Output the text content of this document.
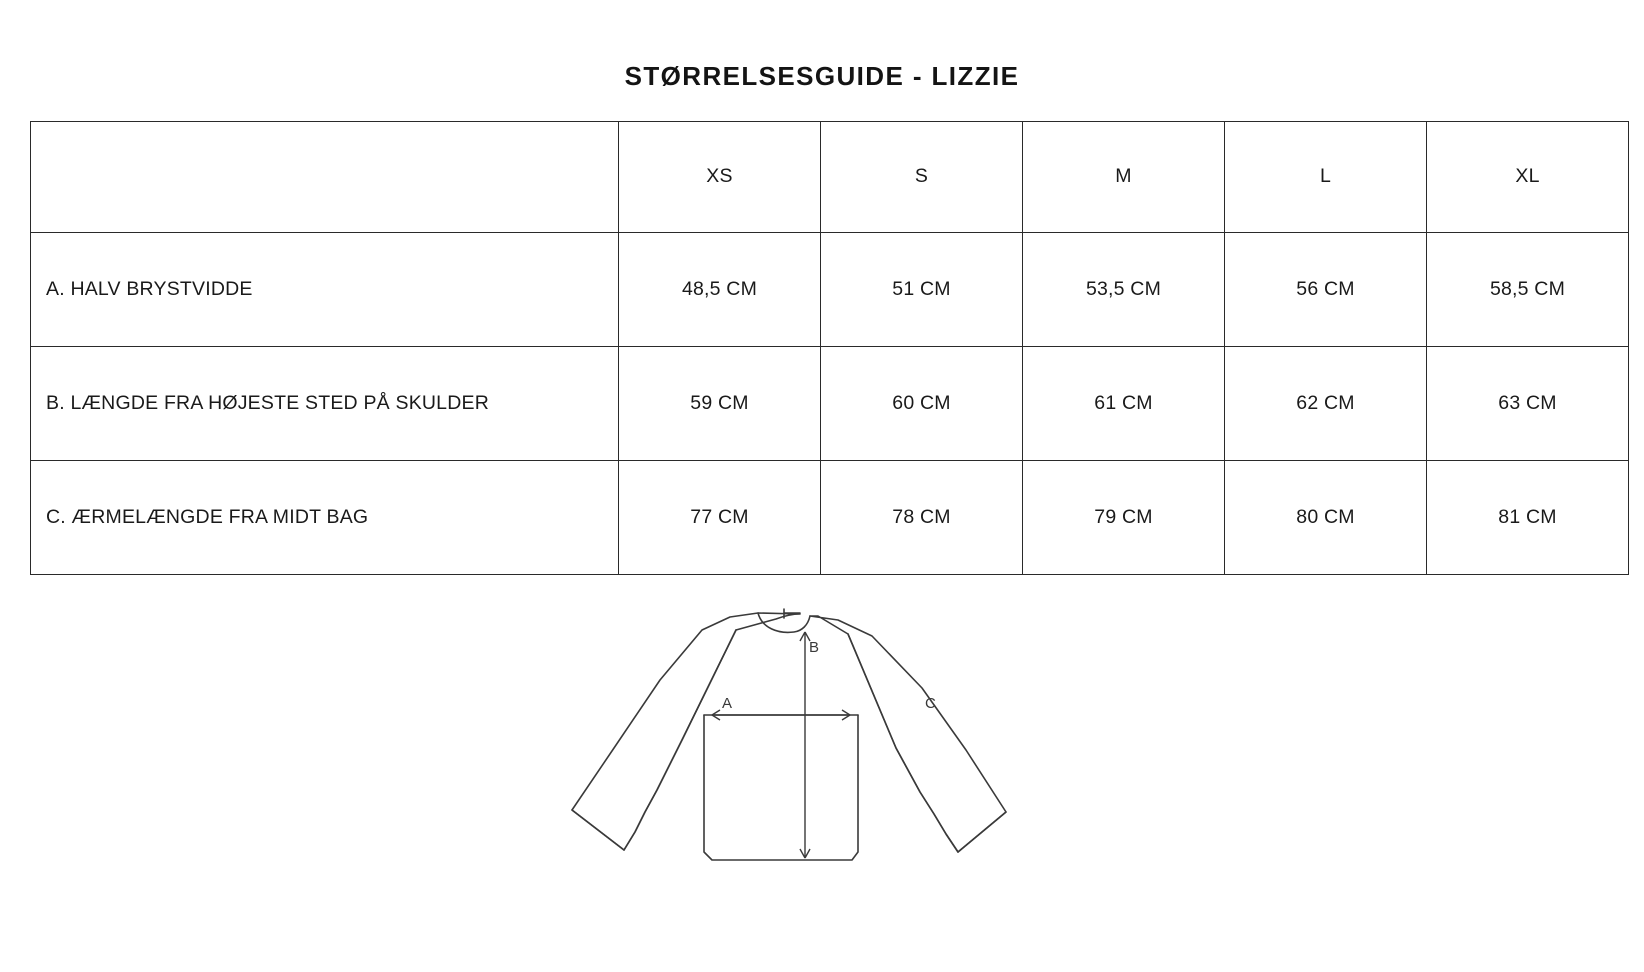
STØRRELSESGUIDE - LIZZIE
	XS	S	M	L	XL
A. HALV BRYSTVIDDE	48,5 CM	51 CM	53,5 CM	56 CM	58,5 CM
B. LÆNGDE FRA HØJESTE STED PÅ SKULDER	59 CM	60 CM	61 CM	62 CM	63 CM
C. ÆRMELÆNGDE FRA MIDT BAG	77 CM	78 CM	79 CM	80 CM	81 CM
A
B
C
